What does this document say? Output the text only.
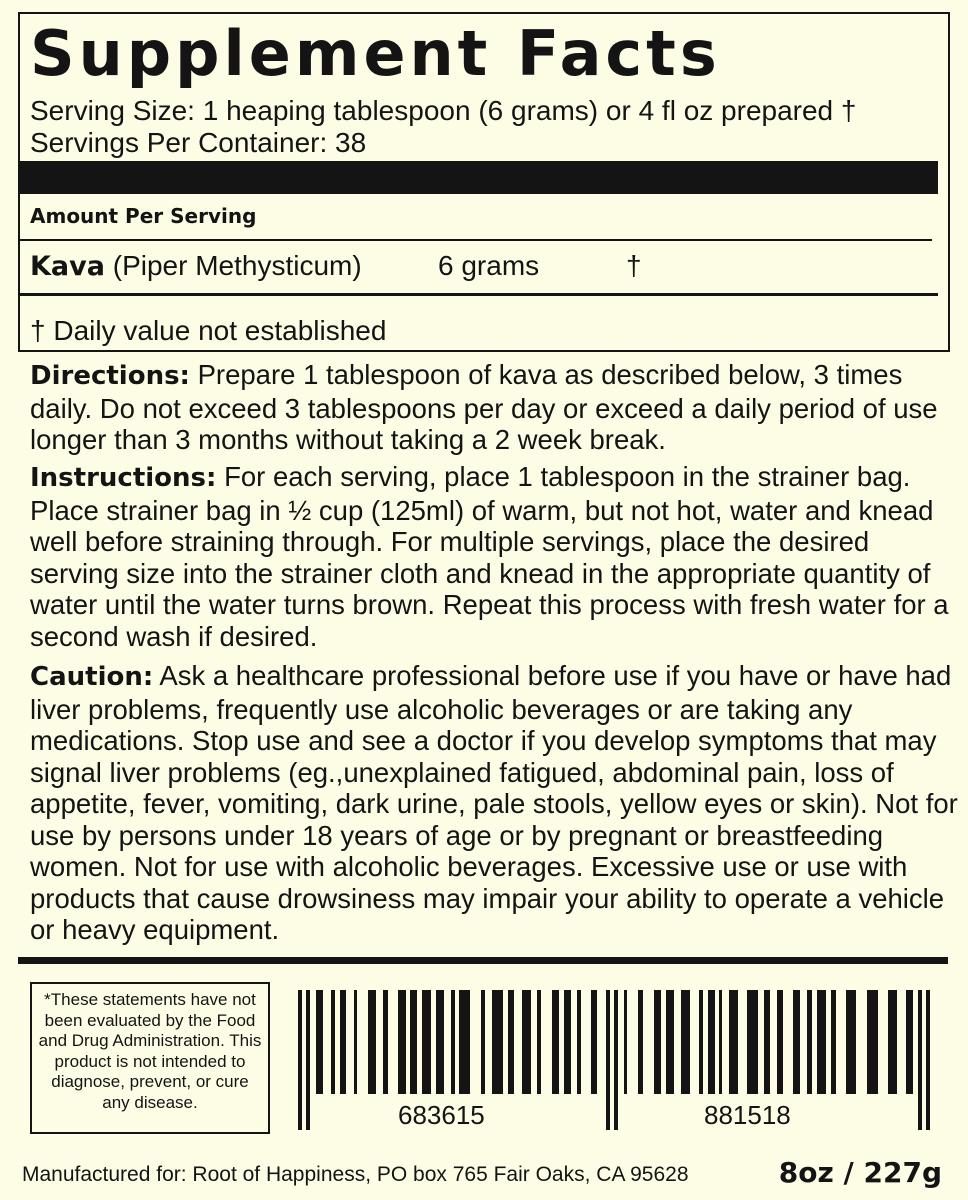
Supplement Facts
Serving Size: 1 heaping tablespoon (6 grams) or 4 fl oz prepared †
Servings Per Container: 38
Amount Per Serving
Kava (Piper Methysticum)	6 grams	†
† Daily value not established
Directions: Prepare 1 tablespoon of kava as described below, 3 times daily. Do not exceed 3 tablespoons per day or exceed a daily period of use longer than 3 months without taking a 2 week break.
Instructions: For each serving, place 1 tablespoon in the strainer bag. Place strainer bag in ½ cup (125ml) of warm, but not hot, water and knead well before straining through. For multiple servings, place the desired serving size into the strainer cloth and knead in the appropriate quantity of water until the water turns brown. Repeat this process with fresh water for a second wash if desired.
Caution: Ask a healthcare professional before use if you have or have had liver problems, frequently use alcoholic beverages or are taking any medications. Stop use and see a doctor if you develop symptoms that may signal liver problems (eg.,unexplained fatigued, abdominal pain, loss of appetite, fever, vomiting, dark urine, pale stools, yellow eyes or skin). Not for use by persons under 18 years of age or by pregnant or breastfeeding women. Not for use with alcoholic beverages. Excessive use or use with products that cause drowsiness may impair your ability to operate a vehicle or heavy equipment.
*These statements have not been evaluated by the Food and Drug Administration. This product is not intended to diagnose, prevent, or cure any disease.	683615	881518
Manufactured for: Root of Happiness, PO box 765 Fair Oaks, CA 95628	8oz / 227g
